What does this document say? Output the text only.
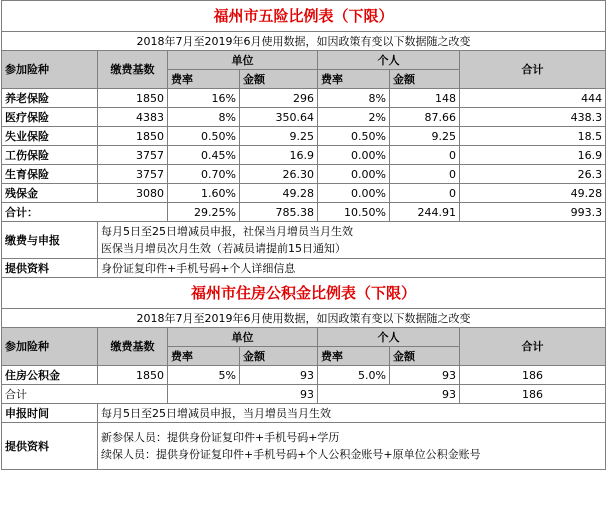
福州市五险比例表（下限）						
2018年7月至2019年6月使用数据，如因政策有变以下数据随之改变						
参加险种	缴费基数	单位		个人		合计
		费率	金额	费率	金额	
养老保险	1850	16%	296	8%	148	444
医疗保险	4383	8%	350.64	2%	87.66	438.3
失业保险	1850	0.50%	9.25	0.50%	9.25	18.5
工伤保险	3757	0.45%	16.9	0.00%	0	16.9
生育保险	3757	0.70%	26.30	0.00%	0	26.3
残保金	3080	1.60%	49.28	0.00%	0	49.28
合计：		29.25%	785.38	10.50%	244.91	993.3
缴费与申报	每月5日至25日增减员申报，社保当月增员当月生效
医保当月增员次月生效（若减员请提前15日通知）					

提供资料	身份证复印件+手机号码+个人详细信息					
福州市住房公积金比例表（下限）						
2018年7月至2019年6月使用数据，如因政策有变以下数据随之改变						
参加险种	缴费基数	单位		个人		合计
		费率	金额	费率	金额	
住房公积金	1850	5%	93	5.0%	93	186
合计		93		93		186
申报时间	每月5日至25日增减员申报，当月增员当月生效					
提供资料	新参保人员：提供身份证复印件+手机号码+学历
续保人员：提供身份证复印件+手机号码+个人公积金账号+原单位公积金账号					
